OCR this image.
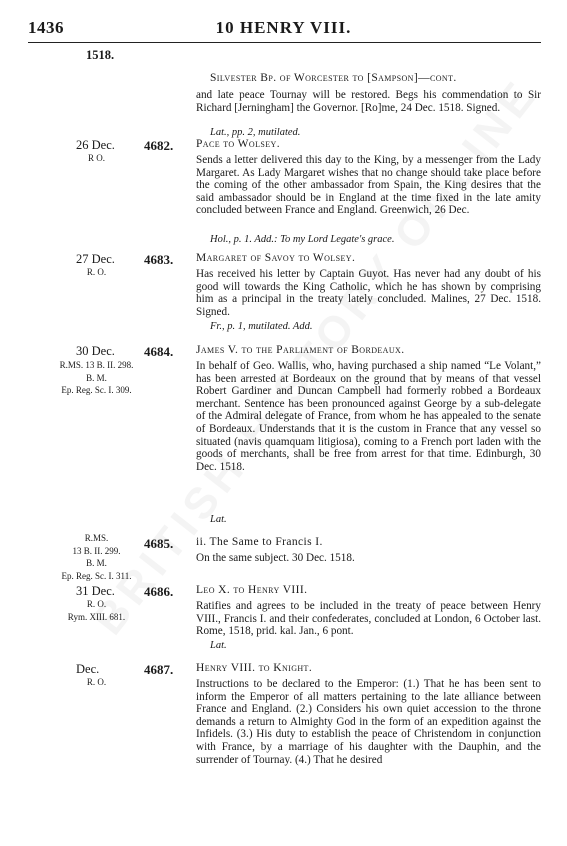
1436	10 HENRY VIII.
1518.
Silvester Bp. of Worcester to [Sampson]—cont.
and late peace Tournay will be restored. Begs his commendation to Sir Richard [Jerningham] the Governor. [Ro]me, 24 Dec. 1518. Signed.
Lat., pp. 2, mutilated.
26 Dec.	4682.
R O.
Pace to Wolsey.
Sends a letter delivered this day to the King, by a messenger from the Lady Margaret. As Lady Margaret wishes that no change should take place before the coming of the other ambassador from Spain, the King desires that the said ambassador should be in England at the time fixed in the late amity concluded between France and England. Greenwich, 26 Dec.
Hol., p. 1. Add.: To my Lord Legate's grace.
27 Dec.	4683.
R. O.
Margaret of Savoy to Wolsey.
Has received his letter by Captain Guyot. Has never had any doubt of his good will towards the King Catholic, which he has shown by comprising him as a principal in the treaty lately concluded. Malines, 27 Dec. 1518. Signed.
Fr., p. 1, mutilated. Add.
30 Dec.	4684.
R.MS. 13 B. II. 298.
B. M.
Ep. Reg. Sc. I. 309.
James V. to the Parliament of Bordeaux.
In behalf of Geo. Wallis, who, having purchased a ship named “Le Volant,” has been arrested at Bordeaux on the ground that by means of that vessel Robert Gardiner and Duncan Campbell had formerly robbed a Bordeaux merchant. Sentence has been pronounced against George by a sub-delegate of the Admiral delegate of France, from whom he has appealed to the senate of Bordeaux. Understands that it is the custom in France that any vessel so situated (navis quamquam litigiosa), coming to a French port laden with the goods of merchants, shall be free from arrest for that time. Edinburgh, 30 Dec. 1518.
Lat.
4685.
R.MS.
13 B. II. 299.
B. M.
Ep. Reg. Sc. I. 311.
ii. The Same to Francis I.
On the same subject. 30 Dec. 1518.
31 Dec.	4686.
R. O.
Rym. XIII. 681.
Leo X. to Henry VIII.
Ratifies and agrees to be included in the treaty of peace between Henry VIII., Francis I. and their confederates, concluded at London, 6 October last. Rome, 1518, prid. kal. Jan., 6 pont.
Lat.
Dec.	4687.
R. O.
Henry VIII. to Knight.
Instructions to be declared to the Emperor: (1.) That he has been sent to inform the Emperor of all matters pertaining to the late alliance between France and England. (2.) Considers his own quiet accession to the throne demands a return to Almighty God in the form of an expedition against the Infidels. (3.) His duty to establish the peace of Christendom in conjunction with France, by a marriage of his daughter with the Dauphin, and the surrender of Tournay. (4.) That he desired
